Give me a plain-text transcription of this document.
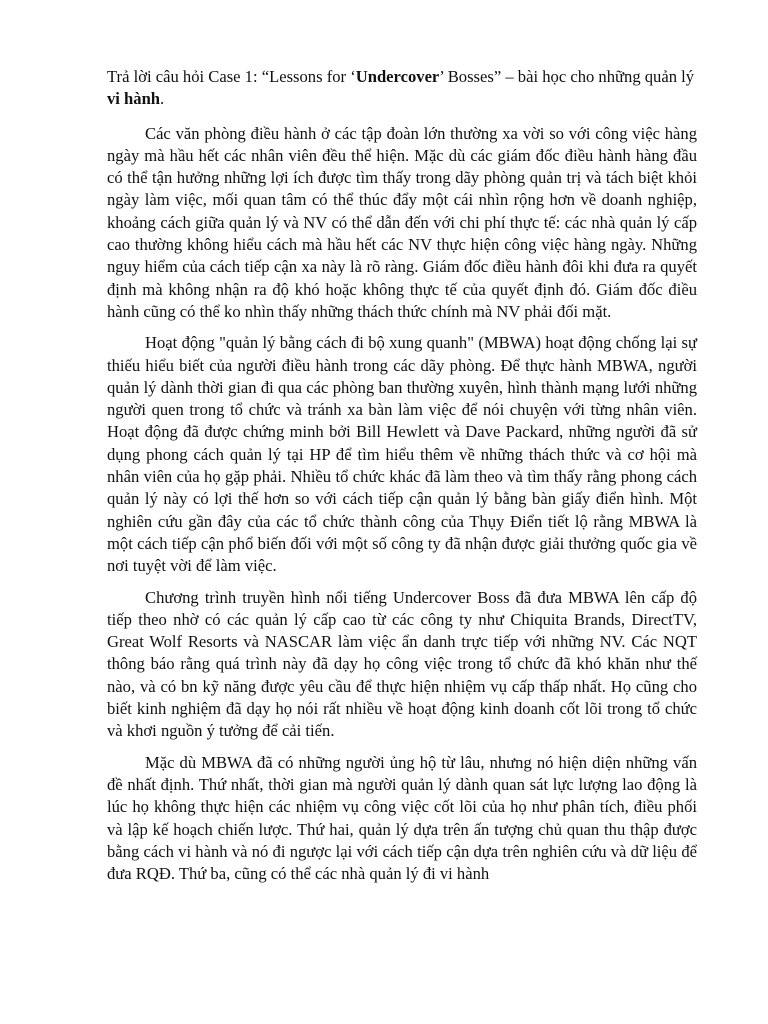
Trả lời câu hỏi Case 1: “Lessons for ‘Undercover’ Bosses” – bài học cho những quản lý vi hành.

Các văn phòng điều hành ở các tập đoàn lớn thường xa vời so với công việc hàng ngày mà hầu hết các nhân viên đều thể hiện. Mặc dù các giám đốc điều hành hàng đầu có thể tận hưởng những lợi ích được tìm thấy trong dãy phòng quản trị và tách biệt khỏi ngày làm việc, mối quan tâm có thể thúc đẩy một cái nhìn rộng hơn về doanh nghiệp, khoảng cách giữa quản lý và NV có thể dẫn đến với chi phí thực tế: các nhà quản lý cấp cao thường không hiểu cách mà hầu hết các NV thực hiện công việc hàng ngày. Những nguy hiểm của cách tiếp cận xa này là rõ ràng. Giám đốc điều hành đôi khi đưa ra quyết định mà không nhận ra độ khó hoặc không thực tế của quyết định đó. Giám đốc điều hành cũng có thể ko nhìn thấy những thách thức chính mà NV phải đối mặt.

Hoạt động "quản lý bằng cách đi bộ xung quanh" (MBWA) hoạt động chống lại sự thiếu hiểu biết của người điều hành trong các dãy phòng. Để thực hành MBWA, người quản lý dành thời gian đi qua các phòng ban thường xuyên, hình thành mạng lưới những người quen trong tổ chức và tránh xa bàn làm việc để nói chuyện với từng nhân viên. Hoạt động đã được chứng minh bởi Bill Hewlett và Dave Packard, những người đã sử dụng phong cách quản lý tại HP để tìm hiểu thêm về những thách thức và cơ hội mà nhân viên của họ gặp phải. Nhiều tổ chức khác đã làm theo và tìm thấy rằng phong cách quản lý này có lợi thế hơn so với cách tiếp cận quản lý bằng bàn giấy điển hình. Một nghiên cứu gần đây của các tổ chức thành công của Thụy Điển tiết lộ rằng MBWA là một cách tiếp cận phổ biến đối với một số công ty đã nhận được giải thưởng quốc gia về nơi tuyệt vời để làm việc.

Chương trình truyền hình nổi tiếng Undercover Boss đã đưa MBWA lên cấp độ tiếp theo nhờ có các quản lý cấp cao từ các công ty như Chiquita Brands, DirectTV, Great Wolf Resorts và NASCAR làm việc ẩn danh trực tiếp với những NV. Các NQT thông báo rằng quá trình này đã dạy họ công việc trong tổ chức đã khó khăn như thế nào, và có bn kỹ năng được yêu cầu để thực hiện nhiệm vụ cấp thấp nhất. Họ cũng cho biết kinh nghiệm đã dạy họ nói rất nhiều về hoạt động kinh doanh cốt lõi trong tổ chức và khơi nguồn ý tưởng để cải tiến.

Mặc dù MBWA đã có những người ủng hộ từ lâu, nhưng nó hiện diện những vấn đề nhất định. Thứ nhất, thời gian mà người quản lý dành quan sát lực lượng lao động là lúc họ không thực hiện các nhiệm vụ công việc cốt lõi của họ như phân tích, điều phối và lập kế hoạch chiến lược. Thứ hai, quản lý dựa trên ấn tượng chủ quan thu thập được bằng cách vi hành và nó đi ngược lại với cách tiếp cận dựa trên nghiên cứu và dữ liệu để đưa RQĐ. Thứ ba, cũng có thể các nhà quản lý đi vi hành
